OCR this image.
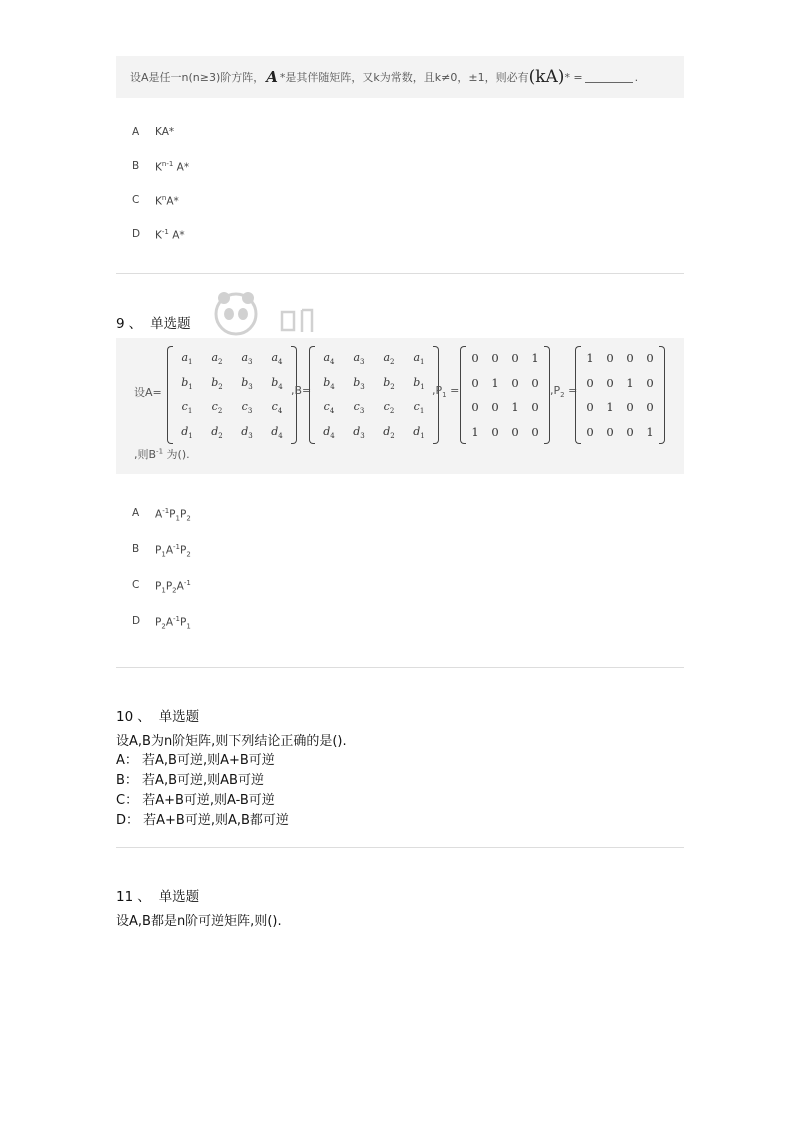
设A是任一n(n≥3)阶方阵， A *是其伴随矩阵，又k为常数，且k≠0，±1，则必有 (kA) * =	.
A	KA*
B	$K^{n-1}$ A*
C	$K^nA*$
D	$K^{-1}$ A*
9 、 单选题
设A=
$a_1$	$a_2$	$a_3$	$a_4$
$b_1$	$b_2$	$b_3$	$b_4$
$c_1$	$c_2$	$c_3$	$c_4$
$d_1$	$d_2$	$d_3$	$d_4$
,B=
$a_4$	$a_3$	$a_2$	$a_1$
$b_4$	$b_3$	$b_2$	$b_1$
$c_4$	$c_3$	$c_2$	$c_1$
$d_4$	$d_3$	$d_2$	$d_1$
$,P_1$ =
0	0	0	1
0	1	0	0
0	0	1	0
1	0	0	0
$,P_2$ =
1	0	0	0
0	0	1	0
0	1	0	0
0	0	0	1
,则$B^{-1}$ 为().
A	$A^{-1}P_1P_2$
B	$P_1A^{-1}P_2$
C	$P_1P_2A^{-1}$
D	$P_2A^{-1}P_1$
10 、 单选题
设A,B为n阶矩阵,则下列结论正确的是().
A： 若A,B可逆,则A+B可逆
B： 若A,B可逆,则AB可逆
C： 若A+B可逆,则A-B可逆
D： 若A+B可逆,则A,B都可逆
11 、 单选题
设A,B都是n阶可逆矩阵,则().
